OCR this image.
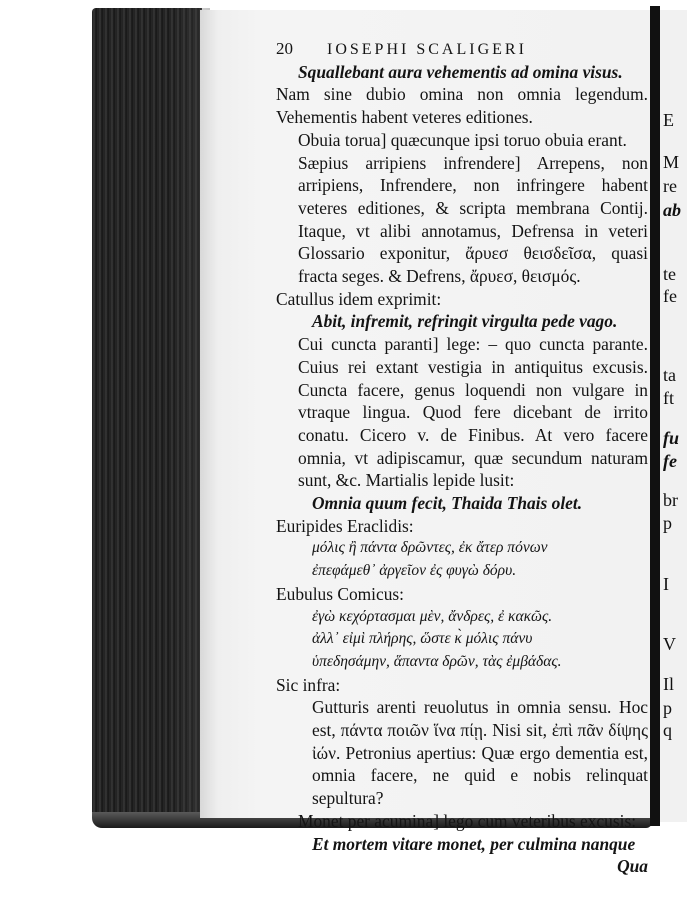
E
M
re
ab
te
fe
ta
ft
fu
fe
br
p
I
V
Il
p
q
20 IOSEPHI SCALIGERI
Squallebant aura vehementis ad omina visus.
Nam sine dubio omina non omnia legendum. Vehementis habent veteres editiones.
Obuia torua] quæcunque ipsi toruo obuia erant.
Sæpius arripiens infrendere] Arrepens, non arripiens, Infrendere, non infringere habent veteres editiones, & scripta membrana Contij. Itaque, vt alibi annotamus, Defrensa in veteri Glossario exponitur, ἄρυεσ θεισδεῖσα, quasi fracta seges. & Defrens, ἄρυεσ, θεισμός.
Catullus idem exprimit:
Abit, infremit, refringit virgulta pede vago.
Cui cuncta paranti] lege: – quo cuncta parante. Cuius rei extant vestigia in antiquitus excusis. Cuncta facere, genus loquendi non vulgare in vtraque lingua. Quod fere dicebant de irrito conatu. Cicero v. de Finibus. At vero facere omnia, vt adipiscamur, quæ secundum naturam sunt, &c. Martialis lepide lusit:
Omnia quum fecit, Thaida Thais olet.
Euripides Eraclidis:
μόλις ἢ πάντα δρῶντες, ἐκ ἄτερ πόνων
ἐπεφάμεθ᾽ ἀργεῖον ἐς φυγὼ δόρυ.
Eubulus Comicus:
ἐγὼ κεχόρτασμαι μὲν, ἄνδρες, ἐ κακῶς.
ἀλλ᾽ εἰμὶ πλήρης, ὥστε κ̀ μόλις πάνυ
ὑπεδησάμην, ἅπαντα δρῶν, τὰς ἐμβάδας.
Sic infra:
Gutturis arenti reuolutus in omnia sensu. Hoc est, πάντα ποιῶν ἵνα πίῃ. Nisi sit, ἐπὶ πᾶν δίψης ἰών. Petronius apertius: Quæ ergo dementia est, omnia facere, ne quid e nobis relinquat sepultura?
Monet per acumina] lego cum veteribus excusis:
Et mortem vitare monet, per culmina nanque
Qua
